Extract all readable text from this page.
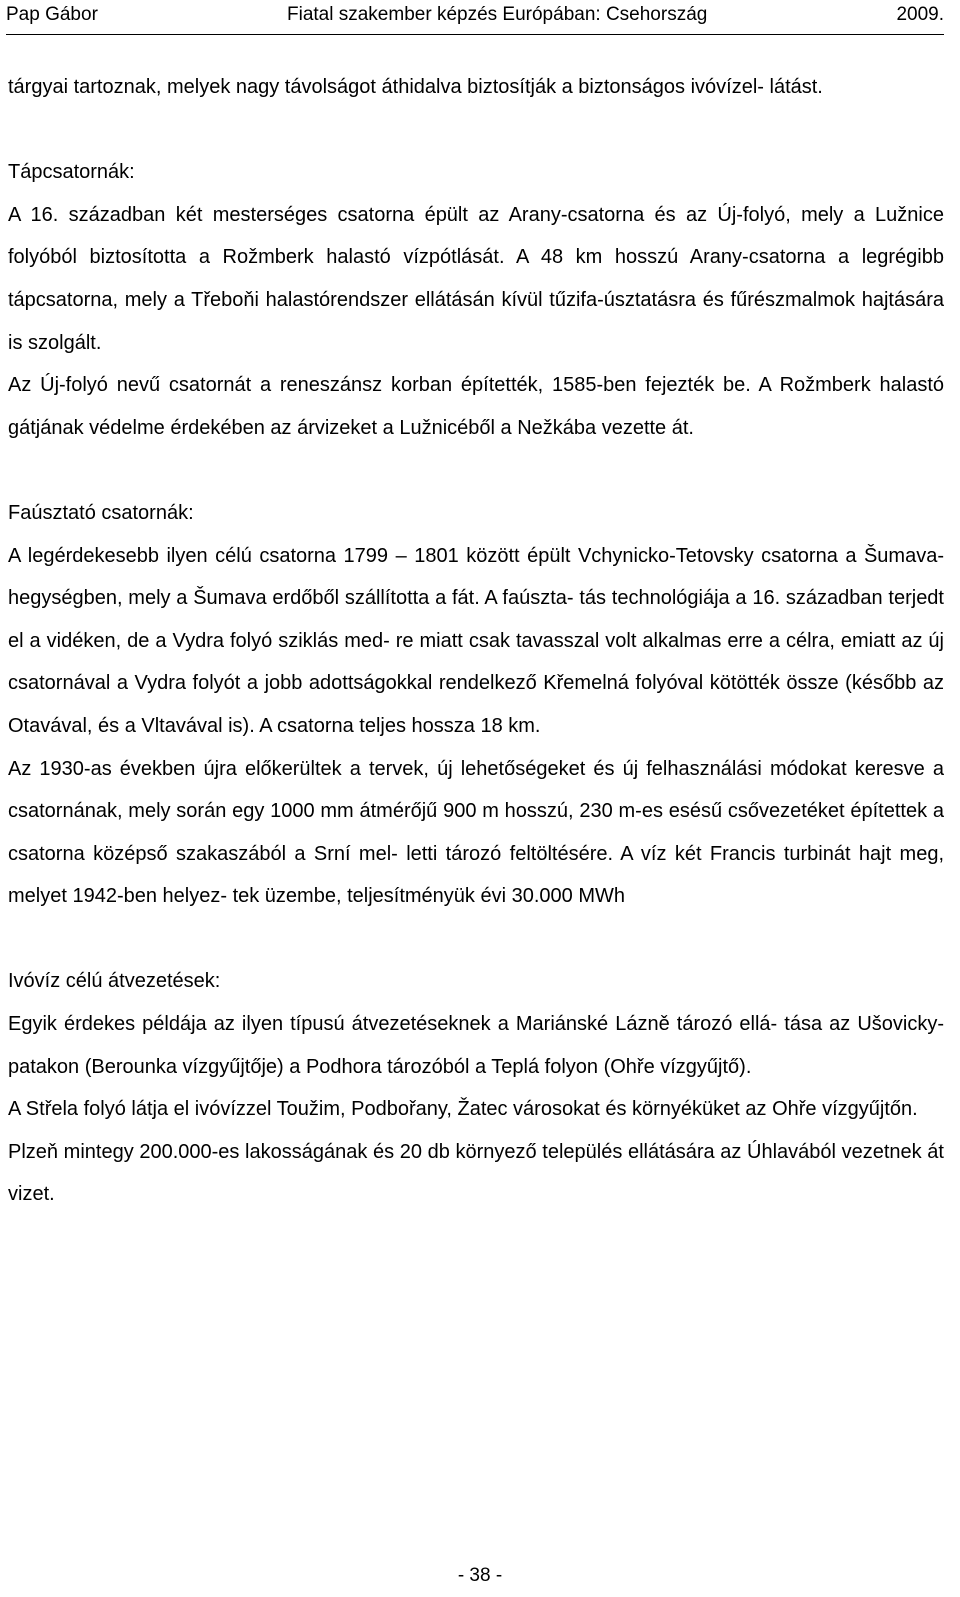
Pap Gábor	Fiatal szakember képzés Európában: Csehország	2009.

tárgyai tartoznak, melyek nagy távolságot áthidalva biztosítják a biztonságos ivóvízel- látást.

Tápcsatornák:

A 16. században két mesterséges csatorna épült az Arany-csatorna és az Új-folyó, mely a Lužnice folyóból biztosította a Rožmberk halastó vízpótlását. A 48 km hosszú Arany-csatorna a legrégibb tápcsatorna, mely a Třeboňi halastórendszer ellátásán kívül tűzifa-úsztatásra és fűrészmalmok hajtására is szolgált.

Az Új-folyó nevű csatornát a reneszánsz korban építették, 1585-ben fejezték be. A Rožmberk halastó gátjának védelme érdekében az árvizeket a Lužnicéből a Nežkába vezette át.

Faúsztató csatornák:

A legérdekesebb ilyen célú csatorna 1799 – 1801 között épült Vchynicko-Tetovsky csatorna a Šumava-hegységben, mely a Šumava erdőből szállította a fát. A faúszta- tás technológiája a 16. században terjedt el a vidéken, de a Vydra folyó sziklás med- re miatt csak tavasszal volt alkalmas erre a célra, emiatt az új csatornával a Vydra folyót a jobb adottságokkal rendelkező Křemelná folyóval kötötték össze (később az Otavával, és a Vltavával is). A csatorna teljes hossza 18 km.

Az 1930-as években újra előkerültek a tervek, új lehetőségeket és új felhasználási módokat keresve a csatornának, mely során egy 1000 mm átmérőjű 900 m hosszú, 230 m-es esésű csővezetéket építettek a csatorna középső szakaszából a Srní mel- letti tározó feltöltésére. A víz két Francis turbinát hajt meg, melyet 1942-ben helyez- tek üzembe, teljesítményük évi 30.000 MWh

Ivóvíz célú átvezetések:

Egyik érdekes példája az ilyen típusú átvezetéseknek a Mariánské Lázně tározó ellá- tása az Ušovicky-patakon (Berounka vízgyűjtője) a Podhora tározóból a Teplá folyon (Ohře vízgyűjtő).

A Střela folyó látja el ivóvízzel Toužim, Podbořany, Žatec városokat és környéküket az Ohře vízgyűjtőn.

Plzeň mintegy 200.000-es lakosságának és 20 db környező település ellátására az Úhlavából vezetnek át vizet.

- 38 -
